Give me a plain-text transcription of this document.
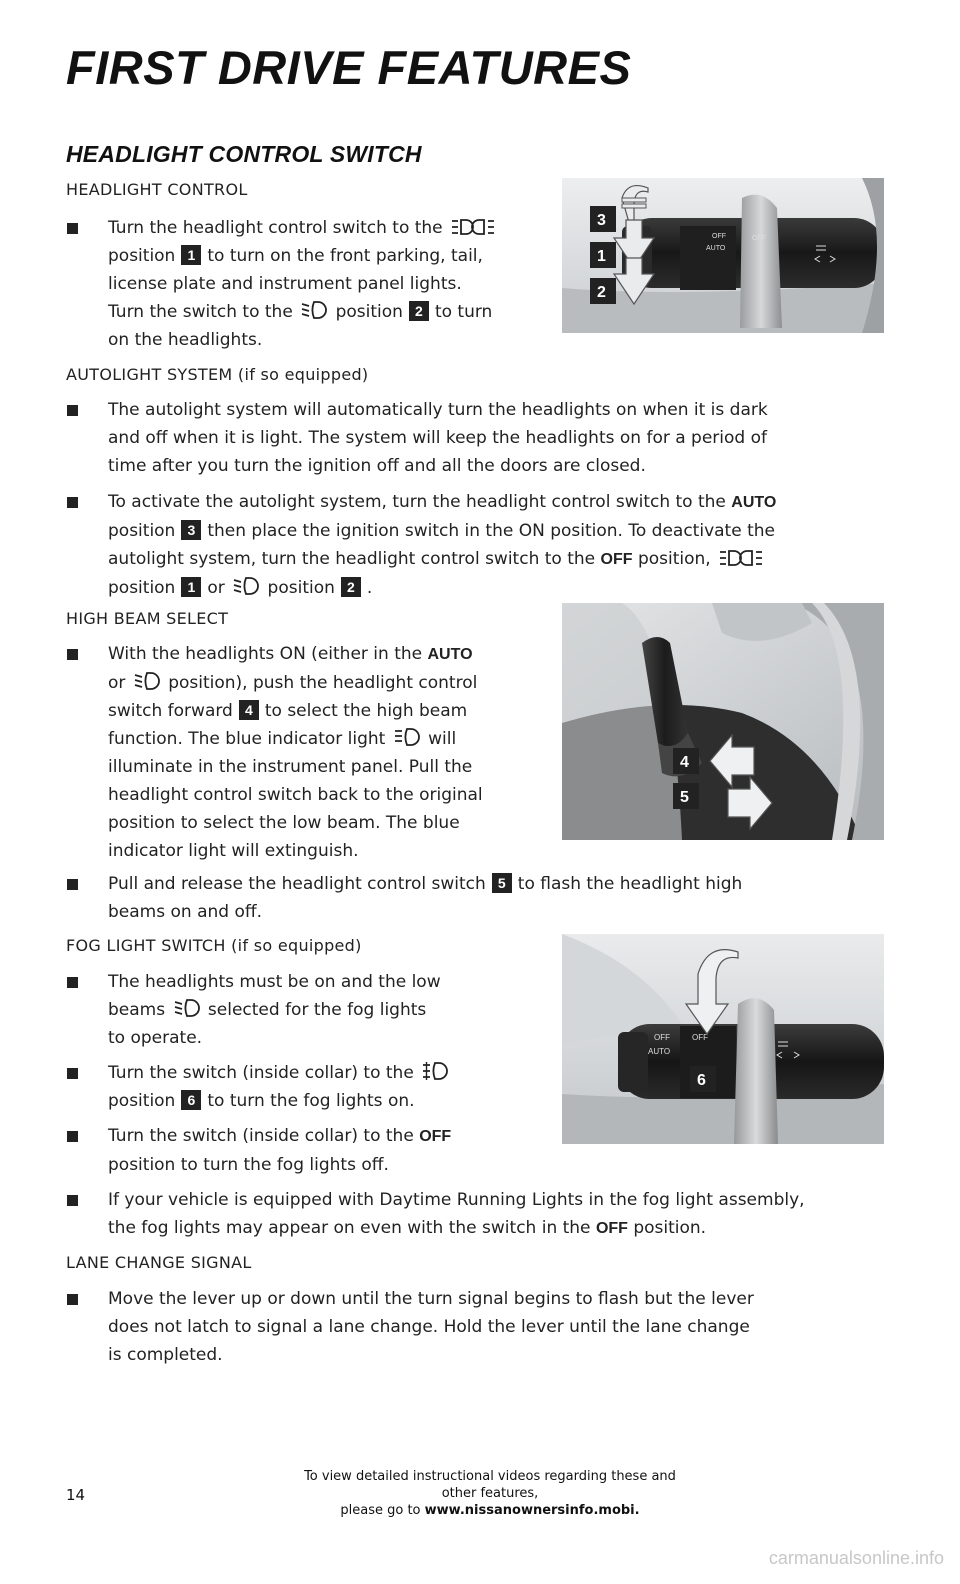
FIRST DRIVE FEATURES
HEADLIGHT CONTROL SWITCH
HEADLIGHT CONTROL
Turn the headlight control switch to the
position 1 to turn on the front parking, tail,
license plate and instrument panel lights.
Turn the switch to the	position 2 to turn
on the headlights.
OFF
AUTO
OFF
3
1
2
AUTOLIGHT SYSTEM (if so equipped)
The autolight system will automatically turn the headlights on when it is dark
and off when it is light. The system will keep the headlights on for a period of
time after you turn the ignition off and all the doors are closed.
To activate the autolight system, turn the headlight control switch to the AUTO
position 3 then place the ignition switch in the ON position. To deactivate the
autolight system, turn the headlight control switch to the OFF position,
position 1 or	position 2 .
HIGH BEAM SELECT
With the headlights ON (either in the AUTO
or	position), push the headlight control
switch forward 4 to select the high beam
function. The blue indicator light	will
illuminate in the instrument panel. Pull the
headlight control switch back to the original
position to select the low beam. The blue
indicator light will extinguish.
4
5
Pull and release the headlight control switch 5 to flash the headlight high
beams on and off.
FOG LIGHT SWITCH (if so equipped)
The headlights must be on and the low
beams	selected for the fog lights
to operate.
Turn the switch (inside collar) to the
position 6 to turn the fog lights on.
OFF
AUTO
OFF
6
Turn the switch (inside collar) to the OFF
position to turn the fog lights off.
If your vehicle is equipped with Daytime Running Lights in the fog light assembly,
the fog lights may appear on even with the switch in the OFF position.
LANE CHANGE SIGNAL
Move the lever up or down until the turn signal begins to flash but the lever
does not latch to signal a lane change. Hold the lever until the lane change
is completed.
14
To view detailed instructional videos regarding these and other features,
please go to www.nissanownersinfo.mobi.
carmanualsonline.info
